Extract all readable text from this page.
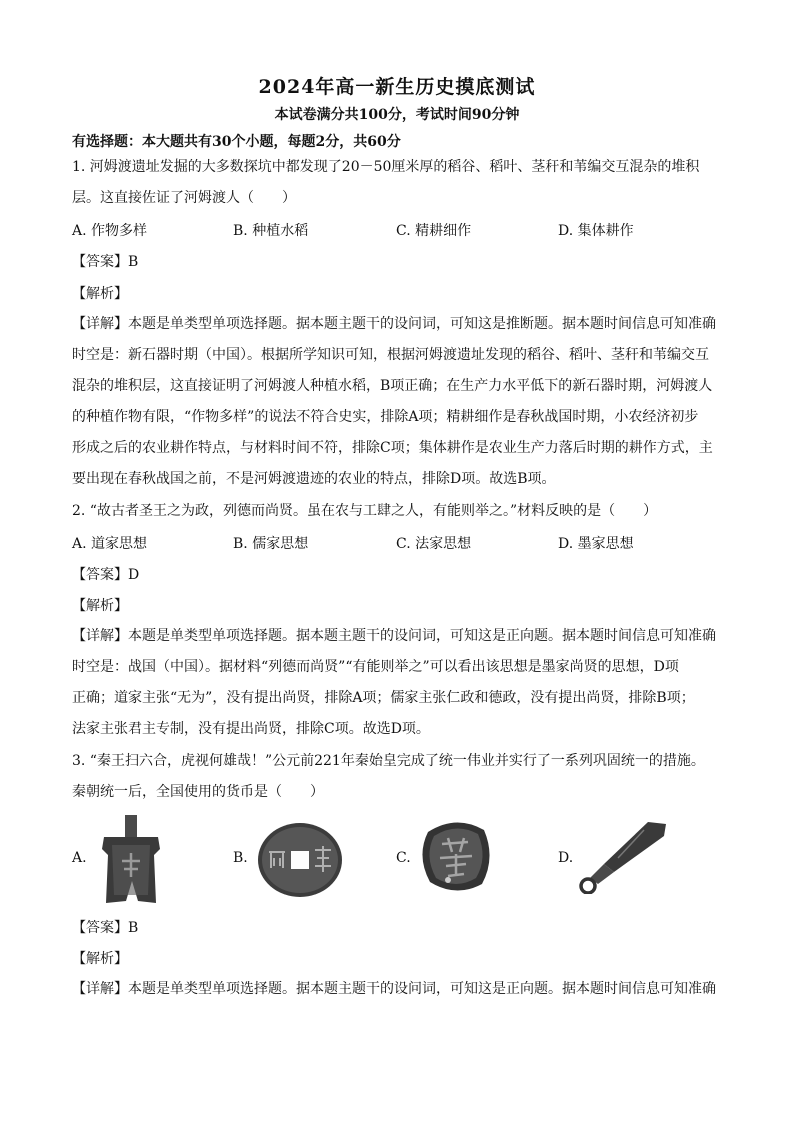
2024年高一新生历史摸底测试
本试卷满分共100分，考试时间90分钟
有选择题：本大题共有30个小题，每题2分，共60分
1. 河姆渡遗址发掘的大多数探坑中都发现了20－50厘米厚的稻谷、稻叶、茎秆和苇编交互混杂的堆积
层。这直接佐证了河姆渡人（　　）
A. 作物多样	B. 种植水稻	C. 精耕细作	D. 集体耕作
【答案】B
【解析】
【详解】本题是单类型单项选择题。据本题主题干的设问词，可知这是推断题。据本题时间信息可知准确
时空是：新石器时期（中国）。根据所学知识可知，根据河姆渡遗址发现的稻谷、稻叶、茎秆和苇编交互
混杂的堆积层，这直接证明了河姆渡人种植水稻，B项正确；在生产力水平低下的新石器时期，河姆渡人
的种植作物有限，“作物多样”的说法不符合史实，排除A项；精耕细作是春秋战国时期，小农经济初步
形成之后的农业耕作特点，与材料时间不符，排除C项；集体耕作是农业生产力落后时期的耕作方式，主
要出现在春秋战国之前，不是河姆渡遗迹的农业的特点，排除D项。故选B项。
2. “故古者圣王之为政，列德而尚贤。虽在农与工肆之人，有能则举之。”材料反映的是（　　）
A. 道家思想	B. 儒家思想	C. 法家思想	D. 墨家思想
【答案】D
【解析】
【详解】本题是单类型单项选择题。据本题主题干的设问词，可知这是正向题。据本题时间信息可知准确
时空是：战国（中国）。据材料“列德而尚贤”“有能则举之”可以看出该思想是墨家尚贤的思想，D项
正确；道家主张“无为”，没有提出尚贤，排除A项；儒家主张仁政和德政，没有提出尚贤，排除B项；
法家主张君主专制，没有提出尚贤，排除C项。故选D项。
3. “秦王扫六合，虎视何雄哉！”公元前221年秦始皇完成了统一伟业并实行了一系列巩固统一的措施。
秦朝统一后，全国使用的货币是（　　）
A.	B.	C.	D.
【答案】B
【解析】
【详解】本题是单类型单项选择题。据本题主题干的设问词，可知这是正向题。据本题时间信息可知准确
